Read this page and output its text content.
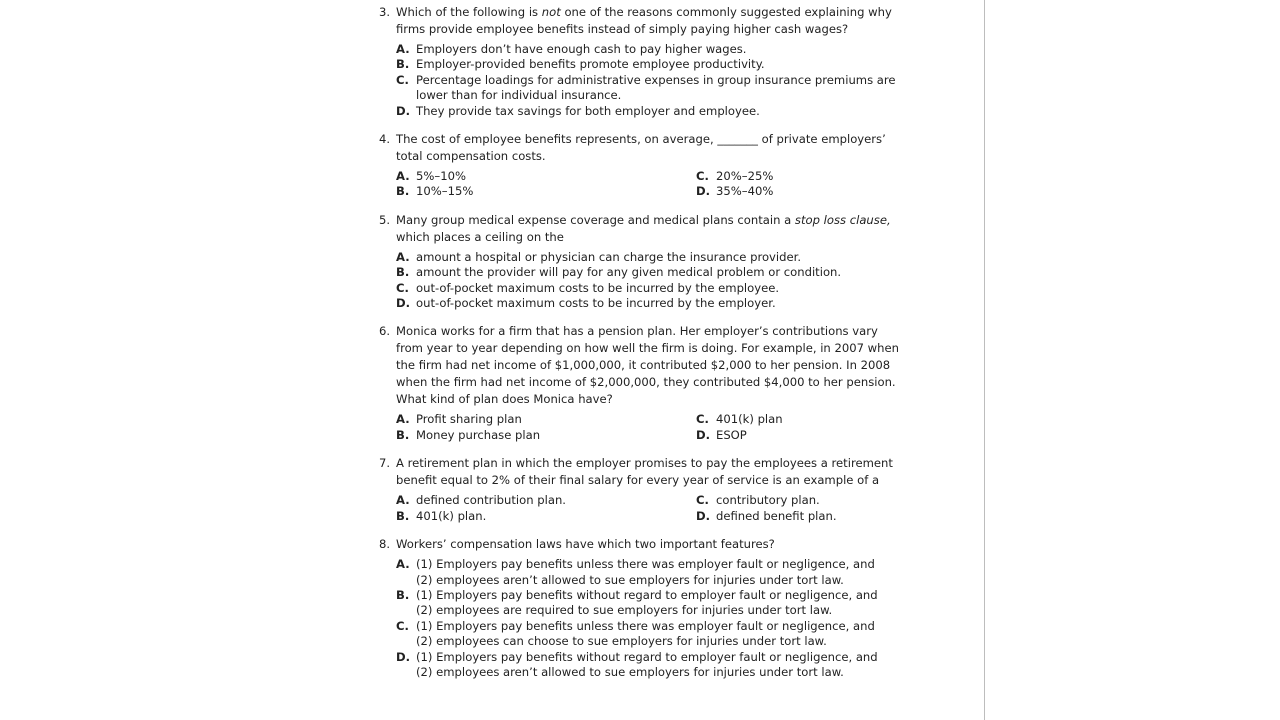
3. Which of the following is not one of the reasons commonly suggested explaining why firms provide employee benefits instead of simply paying higher cash wages?
A. Employers don’t have enough cash to pay higher wages.
B. Employer-provided benefits promote employee productivity.
C. Percentage loadings for administrative expenses in group insurance premiums are lower than for individual insurance.
D. They provide tax savings for both employer and employee.
4. The cost of employee benefits represents, on average, _______ of private employers’ total compensation costs.
A. 5%–10%	C. 20%–25%
B. 10%–15%	D. 35%–40%
5. Many group medical expense coverage and medical plans contain a stop loss clause, which places a ceiling on the
A. amount a hospital or physician can charge the insurance provider.
B. amount the provider will pay for any given medical problem or condition.
C. out-of-pocket maximum costs to be incurred by the employee.
D. out-of-pocket maximum costs to be incurred by the employer.
6. Monica works for a firm that has a pension plan. Her employer’s contributions vary from year to year depending on how well the firm is doing. For example, in 2007 when the firm had net income of $1,000,000, it contributed $2,000 to her pension. In 2008 when the firm had net income of $2,000,000, they contributed $4,000 to her pension. What kind of plan does Monica have?
A. Profit sharing plan	C. 401(k) plan
B. Money purchase plan	D. ESOP
7. A retirement plan in which the employer promises to pay the employees a retirement benefit equal to 2% of their final salary for every year of service is an example of a
A. defined contribution plan.	C. contributory plan.
B. 401(k) plan.	D. defined benefit plan.
8. Workers’ compensation laws have which two important features?
A. (1) Employers pay benefits unless there was employer fault or negligence, and
(2) employees aren’t allowed to sue employers for injuries under tort law.
B. (1) Employers pay benefits without regard to employer fault or negligence, and
(2) employees are required to sue employers for injuries under tort law.
C. (1) Employers pay benefits unless there was employer fault or negligence, and
(2) employees can choose to sue employers for injuries under tort law.
D. (1) Employers pay benefits without regard to employer fault or negligence, and
(2) employees aren’t allowed to sue employers for injuries under tort law.
